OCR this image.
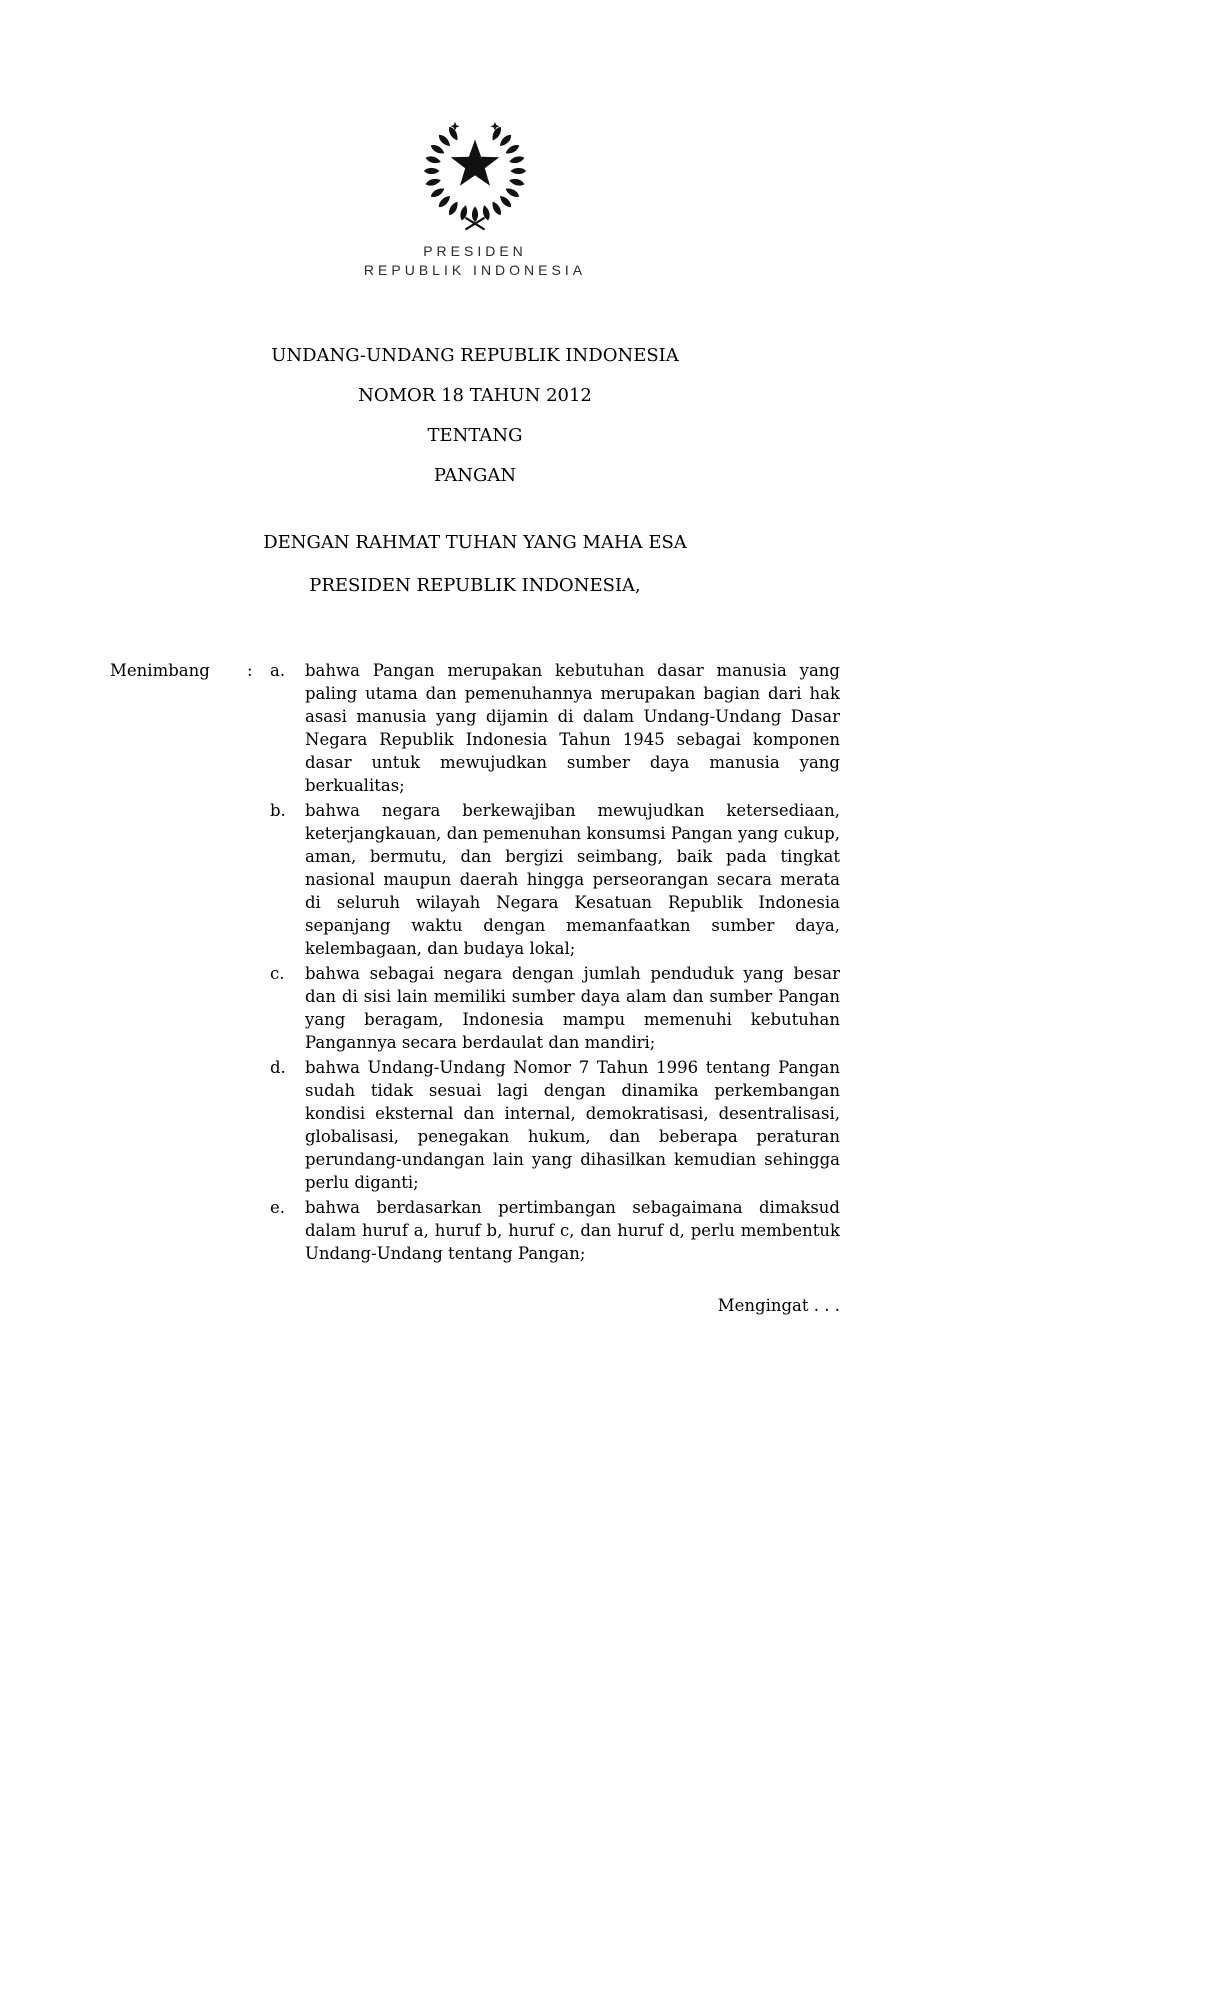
PRESIDEN
REPUBLIK INDONESIA
UNDANG-UNDANG REPUBLIK INDONESIA
NOMOR 18 TAHUN 2012
TENTANG
PANGAN
DENGAN RAHMAT TUHAN YANG MAHA ESA
PRESIDEN REPUBLIK INDONESIA,
Menimbang	:	a.	bahwa Pangan merupakan kebutuhan dasar manusia yang paling utama dan pemenuhannya merupakan bagian dari hak asasi manusia yang dijamin di dalam Undang-Undang Dasar Negara Republik Indonesia Tahun 1945 sebagai komponen dasar untuk mewujudkan sumber daya manusia yang berkualitas;
b.	bahwa negara berkewajiban mewujudkan ketersediaan, keterjangkauan, dan pemenuhan konsumsi Pangan yang cukup, aman, bermutu, dan bergizi seimbang, baik pada tingkat nasional maupun daerah hingga perseorangan secara merata di seluruh wilayah Negara Kesatuan Republik Indonesia sepanjang waktu dengan memanfaatkan sumber daya, kelembagaan, dan budaya lokal;
c.	bahwa sebagai negara dengan jumlah penduduk yang besar dan di sisi lain memiliki sumber daya alam dan sumber Pangan yang beragam, Indonesia mampu memenuhi kebutuhan Pangannya secara berdaulat dan mandiri;
d.	bahwa Undang-Undang Nomor 7 Tahun 1996 tentang Pangan sudah tidak sesuai lagi dengan dinamika perkembangan kondisi eksternal dan internal, demokratisasi, desentralisasi, globalisasi, penegakan hukum, dan beberapa peraturan perundang-undangan lain yang dihasilkan kemudian sehingga perlu diganti;
e.	bahwa berdasarkan pertimbangan sebagaimana dimaksud dalam huruf a, huruf b, huruf c, dan huruf d, perlu membentuk Undang-Undang tentang Pangan;
Mengingat . . .
